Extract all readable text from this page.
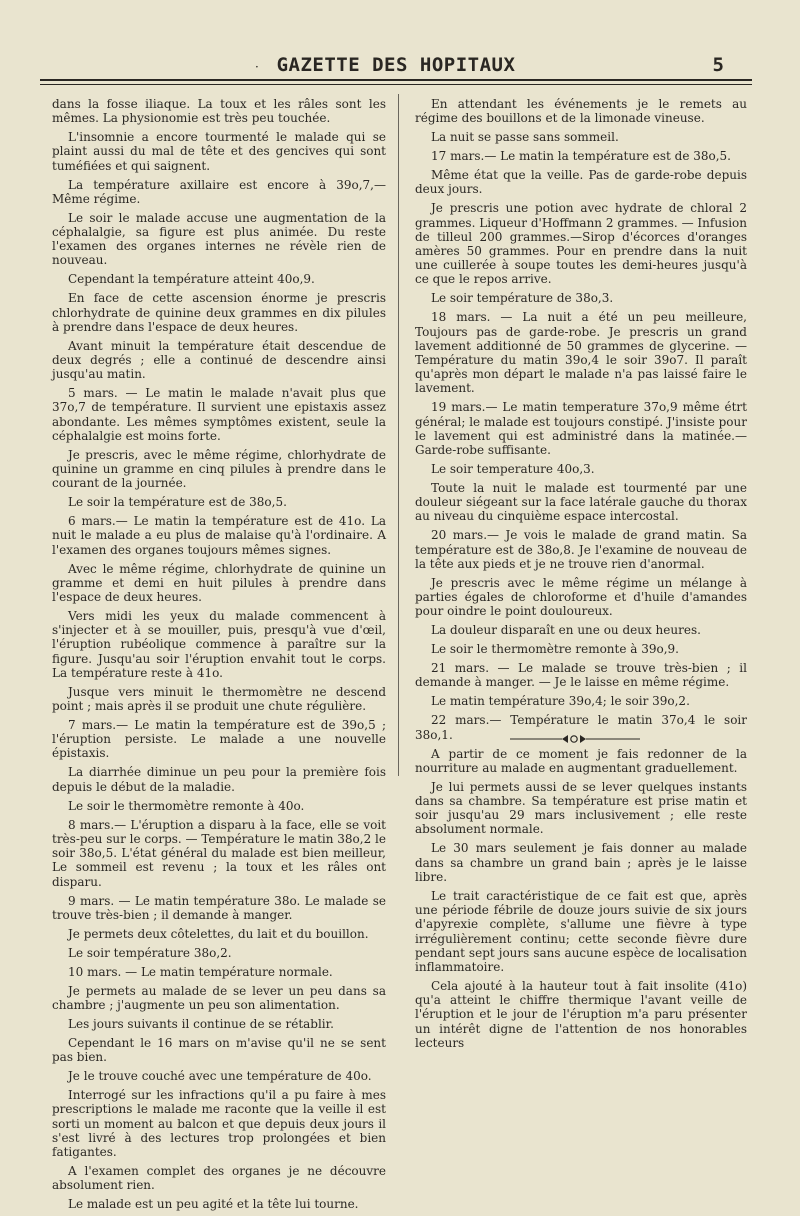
· GAZETTE DES HOPITAUX	5

dans la fosse iliaque. La toux et les râles sont les mêmes. La physionomie est très peu touchée.

L'insomnie a encore tourmenté le malade qui se plaint aussi du mal de tête et des gencives qui sont tuméfiées et qui saignent.

La température axillaire est encore à 39o,7,—Même régime.

Le soir le malade accuse une augmentation de la céphalalgie, sa figure est plus animée. Du reste l'examen des organes internes ne révèle rien de nouveau.

Cependant la température atteint 40o,9.

En face de cette ascension énorme je prescris chlorhydrate de quinine deux grammes en dix pilules à prendre dans l'espace de deux heures.

Avant minuit la température était descendue de deux degrés ; elle a continué de descendre ainsi jusqu'au matin.

5 mars. — Le matin le malade n'avait plus que 37o,7 de température. Il survient une epistaxis assez abondante. Les mêmes symptômes existent, seule la céphalalgie est moins forte.

Je prescris, avec le même régime, chlorhydrate de quinine un gramme en cinq pilules à prendre dans le courant de la journée.

Le soir la température est de 38o,5.

6 mars.— Le matin la température est de 41o. La nuit le malade a eu plus de malaise qu'à l'ordinaire. A l'examen des organes toujours mêmes signes.

Avec le même régime, chlorhydrate de quinine un gramme et demi en huit pilules à prendre dans l'espace de deux heures.

Vers midi les yeux du malade commencent à s'injecter et à se mouiller, puis, presqu'à vue d'œil, l'éruption rubéolique commence à paraître sur la figure. Jusqu'au soir l'éruption envahit tout le corps. La température reste à 41o.

Jusque vers minuit le thermomètre ne descend point ; mais après il se produit une chute régulière.

7 mars.— Le matin la température est de 39o,5 ; l'éruption persiste. Le malade a une nouvelle épistaxis.

La diarrhée diminue un peu pour la première fois depuis le début de la maladie.

Le soir le thermomètre remonte à 40o.

8 mars.— L'éruption a disparu à la face, elle se voit très-peu sur le corps. — Température le matin 38o,2 le soir 38o,5. L'état général du malade est bien meilleur, Le sommeil est revenu ; la toux et les râles ont disparu.

9 mars. — Le matin température 38o. Le malade se trouve très-bien ; il demande à manger.

Je permets deux côtelettes, du lait et du bouillon.

Le soir température 38o,2.

10 mars. — Le matin température normale.

Je permets au malade de se lever un peu dans sa chambre ; j'augmente un peu son alimentation.

Les jours suivants il continue de se rétablir.

Cependant le 16 mars on m'avise qu'il ne se sent pas bien.

Je le trouve couché avec une température de 40o.

Interrogé sur les infractions qu'il a pu faire à mes prescriptions le malade me raconte que la veille il est sorti un moment au balcon et que depuis deux jours il s'est livré à des lectures trop prolongées et bien fatigantes.

A l'examen complet des organes je ne découvre absolument rien.

Le malade est un peu agité et la tête lui tourne.

En attendant les événements je le remets au régime des bouillons et de la limonade vineuse.

La nuit se passe sans sommeil.

17 mars.— Le matin la température est de 38o,5.

Même état que la veille. Pas de garde-robe depuis deux jours.

Je prescris une potion avec hydrate de chloral 2 grammes. Liqueur d'Hoffmann 2 grammes. — Infusion de tilleul 200 grammes.—Sirop d'écorces d'oranges amères 50 grammes. Pour en prendre dans la nuit une cuillerée à soupe toutes les demi-heures jusqu'à ce que le repos arrive.

Le soir température de 38o,3.

18 mars. — La nuit a été un peu meilleure, Toujours pas de garde-robe. Je prescris un grand lavement additionné de 50 grammes de glycerine. — Température du matin 39o,4 le soir 39o7. Il paraît qu'après mon départ le malade n'a pas laissé faire le lavement.

19 mars.— Le matin temperature 37o,9 même étrt général; le malade est toujours constipé. J'insiste pour le lavement qui est administré dans la matinée.— Garde-robe suffisante.

Le soir temperature 40o,3.

Toute la nuit le malade est tourmenté par une douleur siégeant sur la face latérale gauche du thorax au niveau du cinquième espace intercostal.

20 mars.— Je vois le malade de grand matin. Sa température est de 38o,8. Je l'examine de nouveau de la tête aux pieds et je ne trouve rien d'anormal.

Je prescris avec le même régime un mélange à parties égales de chloroforme et d'huile d'amandes pour oindre le point douloureux.

La douleur disparaît en une ou deux heures.

Le soir le thermomètre remonte à 39o,9.

21 mars. — Le malade se trouve très-bien ; il demande à manger. — Je le laisse en même régime.

Le matin température 39o,4; le soir 39o,2.

22 mars.— Température le matin 37o,4 le soir 38o,1.

A partir de ce moment je fais redonner de la nourriture au malade en augmentant graduellement.

Je lui permets aussi de se lever quelques instants dans sa chambre. Sa température est prise matin et soir jusqu'au 29 mars inclusivement ; elle reste absolument normale.

Le 30 mars seulement je fais donner au malade dans sa chambre un grand bain ; après je le laisse libre.

Le trait caractéristique de ce fait est que, après une période fébrile de douze jours suivie de six jours d'apyrexie complète, s'allume une fièvre à type irrégulièrement continu; cette seconde fièvre dure pendant sept jours sans aucune espèce de localisation inflammatoire.

Cela ajouté à la hauteur tout à fait insolite (41o) qu'a atteint le chiffre thermique l'avant veille de l'éruption et le jour de l'éruption m'a paru présenter un intérêt digne de l'attention de nos honorables lecteurs
